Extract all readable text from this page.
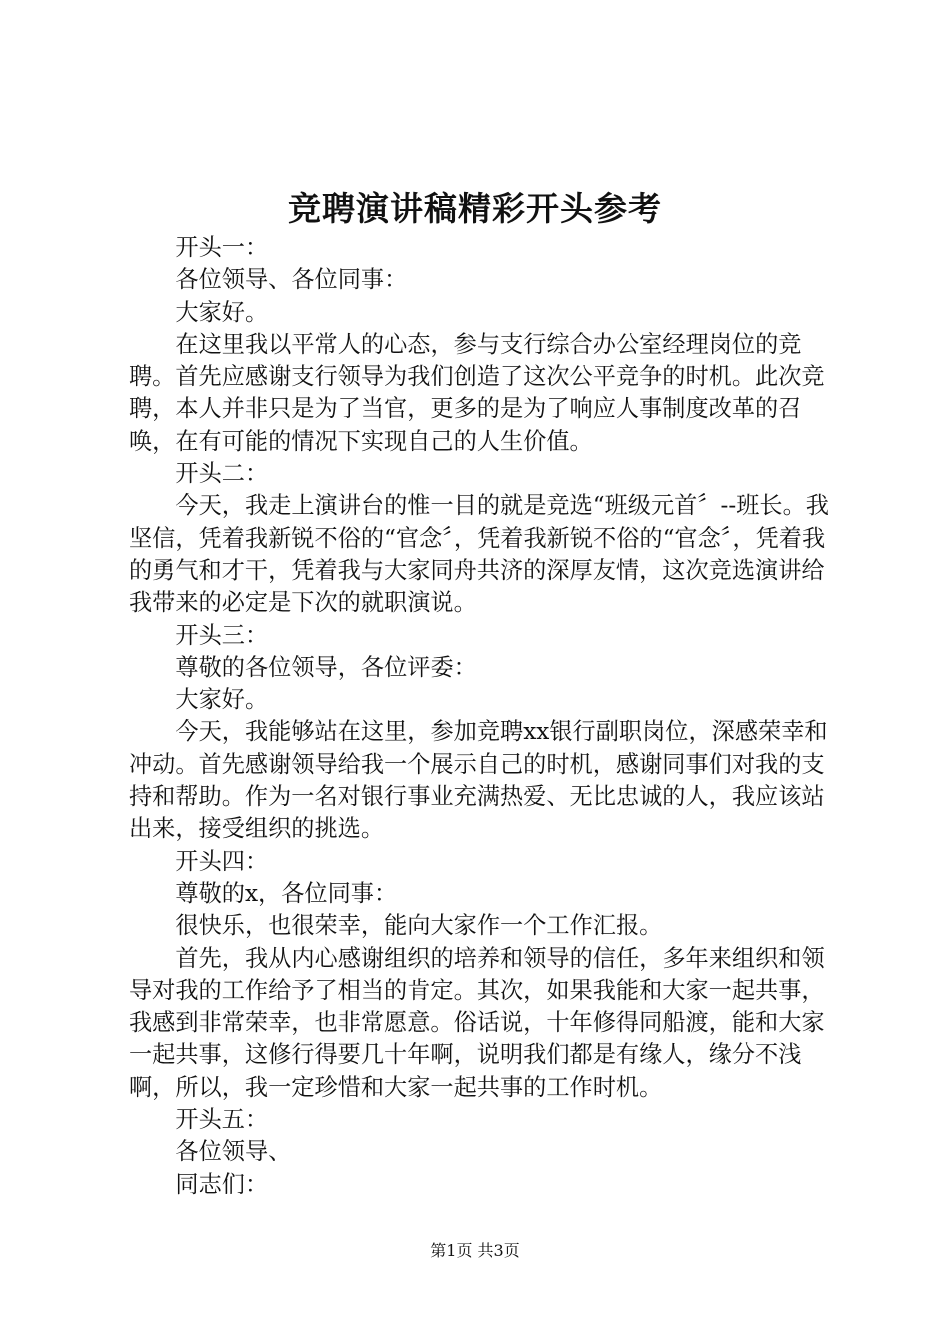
竞聘演讲稿精彩开头参考

开头一：

各位领导、各位同事：

大家好。

在这里我以平常人的心态，参与支行综合办公室经理岗位的竞聘。首先应感谢支行领导为我们创造了这次公平竞争的时机。此次竞聘，本人并非只是为了当官，更多的是为了响应人事制度改革的召唤，在有可能的情况下实现自己的人生价值。

开头二：

今天，我走上演讲台的惟一目的就是竞选“班级元首〞--班长。我坚信，凭着我新锐不俗的“官念〞，凭着我新锐不俗的“官念〞，凭着我的勇气和才干，凭着我与大家同舟共济的深厚友情，这次竞选演讲给我带来的必定是下次的就职演说。

开头三：

尊敬的各位领导，各位评委：

大家好。

今天，我能够站在这里，参加竞聘xx银行副职岗位，深感荣幸和冲动。首先感谢领导给我一个展示自己的时机，感谢同事们对我的支持和帮助。作为一名对银行事业充满热爱、无比忠诚的人，我应该站出来，接受组织的挑选。

开头四：

尊敬的x，各位同事：

很快乐，也很荣幸，能向大家作一个工作汇报。

首先，我从内心感谢组织的培养和领导的信任，多年来组织和领导对我的工作给予了相当的肯定。其次，如果我能和大家一起共事，我感到非常荣幸，也非常愿意。俗话说，十年修得同船渡，能和大家一起共事，这修行得要几十年啊，说明我们都是有缘人，缘分不浅啊，所以，我一定珍惜和大家一起共事的工作时机。

开头五：

各位领导、

同志们：

第1页 共3页
